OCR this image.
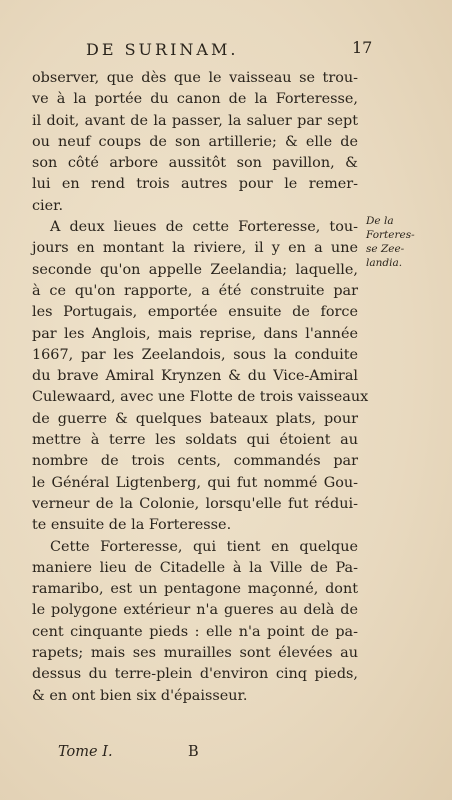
DE SURINAM.	17
observer, que dès que le vaisseau se trou-
ve à la portée du canon de la Forteresse,
il doit, avant de la passer, la saluer par sept
ou neuf coups de son artillerie; & elle de
son côté arbore aussitôt son pavillon, &
lui en rend trois autres pour le remer-
cier.
A deux lieues de cette Forteresse, tou-
jours en montant la riviere, il y en a une
seconde qu'on appelle Zeelandia; laquelle,
à ce qu'on rapporte, a été construite par
les Portugais, emportée ensuite de force
par les Anglois, mais reprise, dans l'année
1667, par les Zeelandois, sous la conduite
du brave Amiral Krynzen & du Vice-Amiral
Culewaard, avec une Flotte de trois vaisseaux
de guerre & quelques bateaux plats, pour
mettre à terre les soldats qui étoient au
nombre de trois cents, commandés par
le Général Ligtenberg, qui fut nommé Gou-
verneur de la Colonie, lorsqu'elle fut rédui-
te ensuite de la Forteresse.
Cette Forteresse, qui tient en quelque
maniere lieu de Citadelle à la Ville de Pa-
ramaribo, est un pentagone maçonné, dont
le polygone extérieur n'a gueres au delà de
cent cinquante pieds : elle n'a point de pa-
rapets; mais ses murailles sont élevées au
dessus du terre-plein d'environ cinq pieds,
& en ont bien six d'épaisseur.
De la
Forteres-
se Zee-
landia.
Tome I.	B
